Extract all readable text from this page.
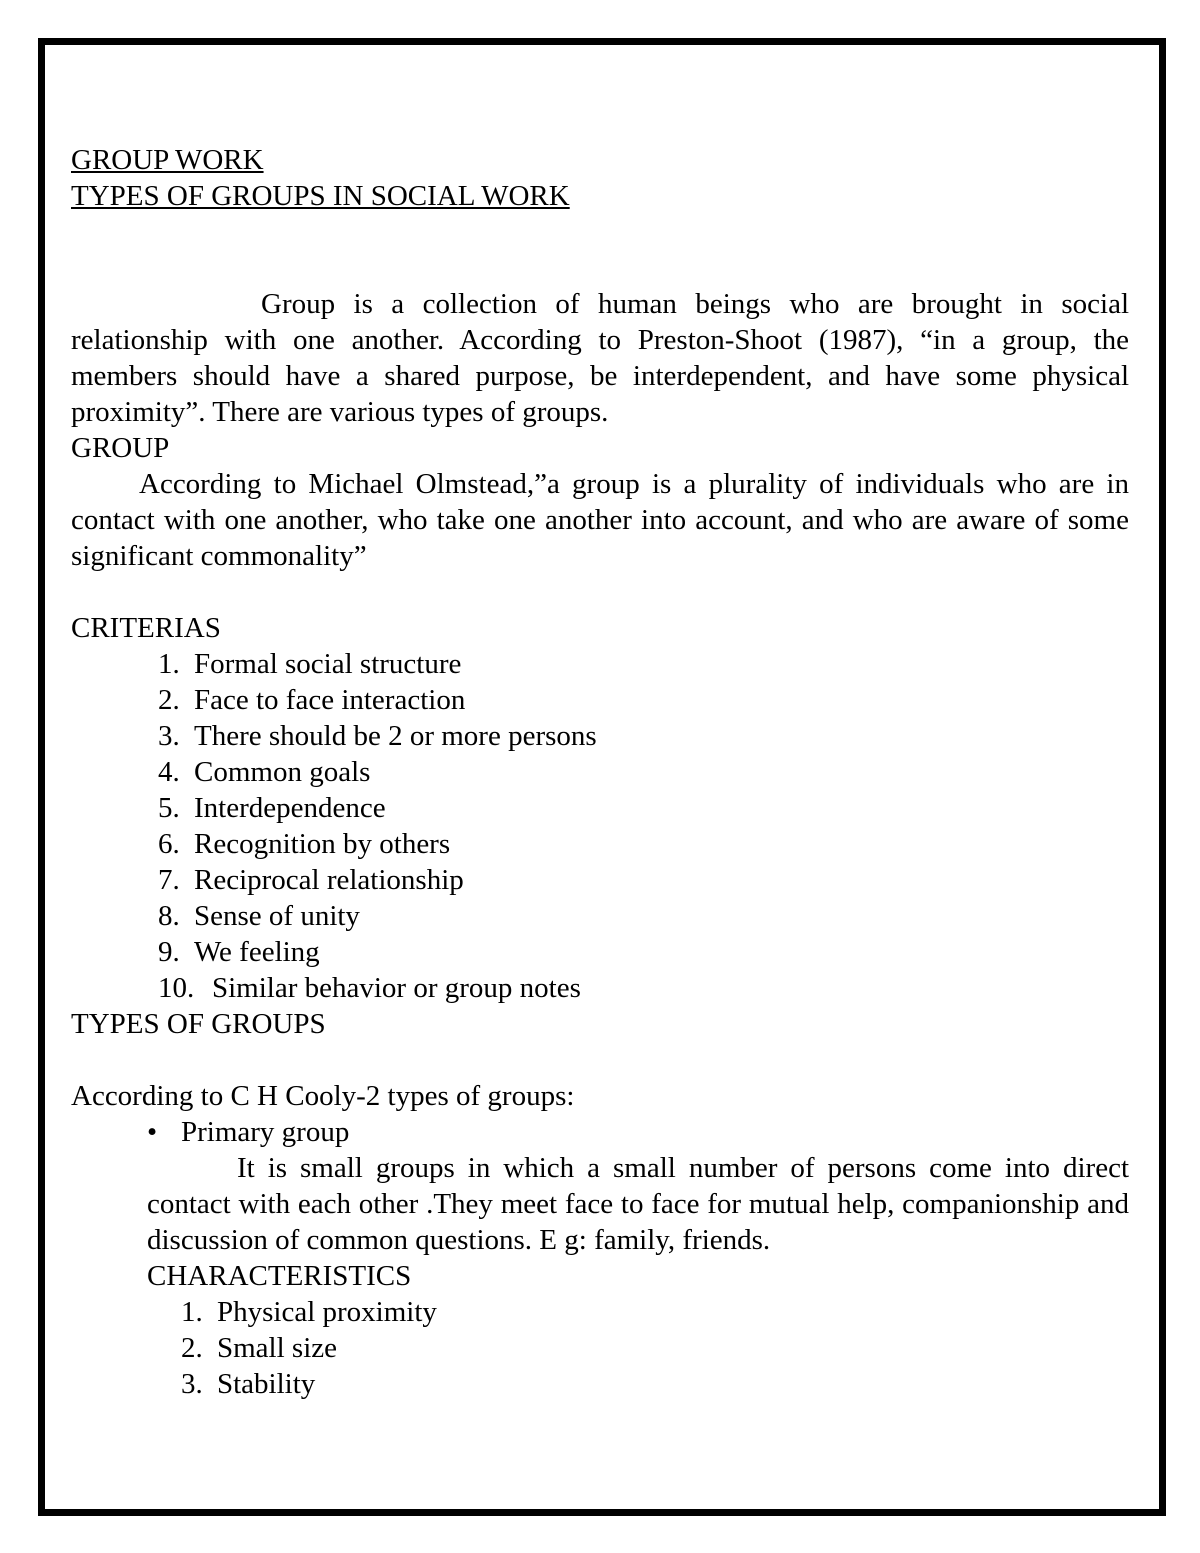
GROUP WORK

TYPES OF GROUPS IN SOCIAL WORK

Group is a collection of human beings who are brought in social relationship with one another. According to Preston-Shoot (1987), “in a group, the members should have a shared purpose, be interdependent, and have some physical proximity”. There are various types of groups.

GROUP

According to Michael Olmstead,”a group is a plurality of individuals who are in contact with one another, who take one another into account, and who are aware of some significant commonality”

CRITERIAS

1. Formal social structure
2. Face to face interaction
3. There should be 2 or more persons
4. Common goals
5. Interdependence
6. Recognition by others
7. Reciprocal relationship
8. Sense of unity
9. We feeling
10. Similar behavior or group notes

TYPES OF GROUPS

According to C H Cooly-2 types of groups:

• Primary group

It is small groups in which a small number of persons come into direct contact with each other .They meet face to face for mutual help, companionship and discussion of common questions. E g: family, friends.

CHARACTERISTICS

1. Physical proximity
2. Small size
3. Stability
